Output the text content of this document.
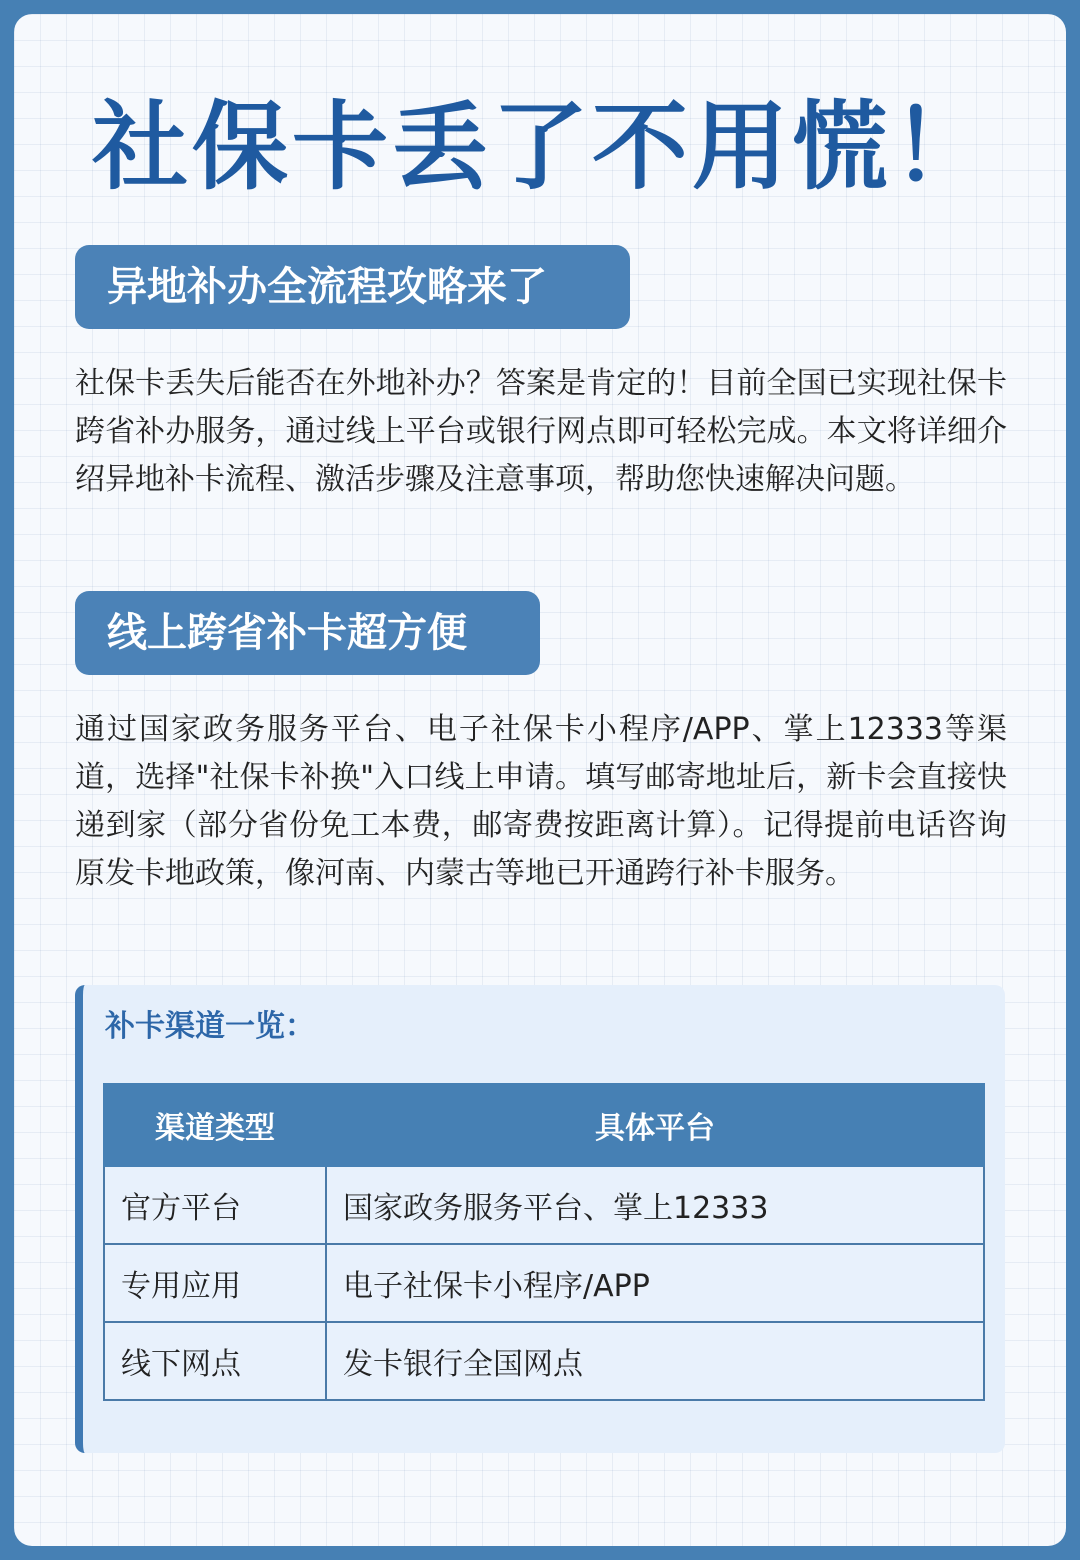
社保卡丢了不用慌！
异地补办全流程攻略来了

社保卡丢失后能否在外地补办？答案是肯定的！目前全国已实现社保卡跨省补办服务，通过线上平台或银行网点即可轻松完成。本文将详细介绍异地补卡流程、激活步骤及注意事项，帮助您快速解决问题。

线上跨省补卡超方便

通过国家政务服务平台、电子社保卡小程序/APP、掌上12333等渠道，选择"社保卡补换"入口线上申请。填写邮寄地址后，新卡会直接快递到家（部分省份免工本费，邮寄费按距离计算）。记得提前电话咨询原发卡地政策，像河南、内蒙古等地已开通跨行补卡服务。

补卡渠道一览：
渠道类型	具体平台
官方平台	国家政务服务平台、掌上12333
专用应用	电子社保卡小程序/APP
线下网点	发卡银行全国网点
